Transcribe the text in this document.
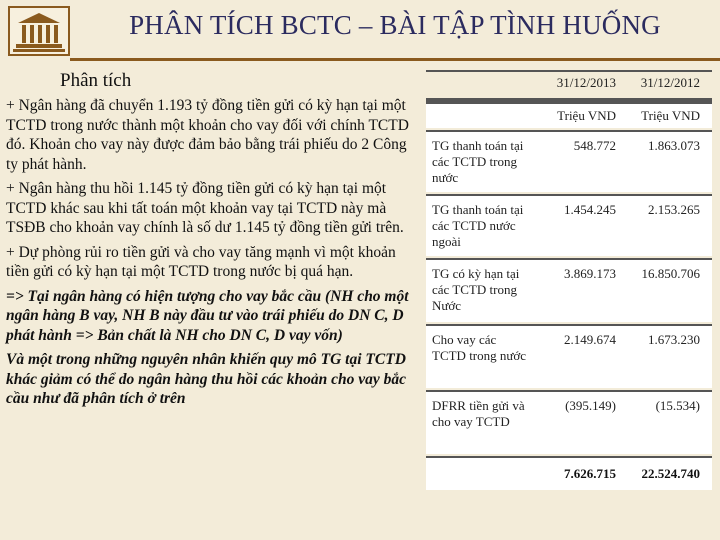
PHÂN TÍCH BCTC – BÀI TẬP TÌNH HUỐNG
Phân tích

+ Ngân hàng đã chuyển 1.193 tỷ đồng tiền gửi có kỳ hạn tại một TCTD trong nước thành một khoản cho vay đối với chính TCTD đó. Khoản cho vay này được đảm bảo bằng trái phiếu do 2 Công ty phát hành.

+ Ngân hàng thu hồi 1.145 tỷ đồng tiền gửi có kỳ hạn tại một TCTD khác sau khi tất toán một khoản vay tại TCTD này mà TSĐB cho khoản vay chính là số dư 1.145 tỷ đồng tiền gửi trên.

+ Dự phòng rủi ro tiền gửi và cho vay tăng mạnh vì một khoản tiền gửi có kỳ hạn tại một TCTD trong nước bị quá hạn.

=> Tại ngân hàng có hiện tượng cho vay bắc cầu (NH cho một ngân hàng B vay, NH B này đầu tư vào trái phiếu do DN C, D phát hành => Bản chất là NH cho DN C, D vay vốn)

Và một trong những nguyên nhân khiến quy mô TG tại TCTD khác giảm có thể do ngân hàng thu hồi các khoản cho vay bắc cầu như đã phân tích ở trên

31/12/2013 31/12/2012
Triệu VND Triệu VND
TG thanh toán tại các TCTD trong nước
548.772 1.863.073
TG thanh toán tại các TCTD nước ngoài
1.454.245 2.153.265
TG có kỳ hạn tại các TCTD trong Nước
3.869.173 16.850.706
Cho vay các TCTD trong nước
2.149.674 1.673.230
DFRR tiền gửi và cho vay TCTD
(395.149)	(15.534)
7.626.715 22.524.740
